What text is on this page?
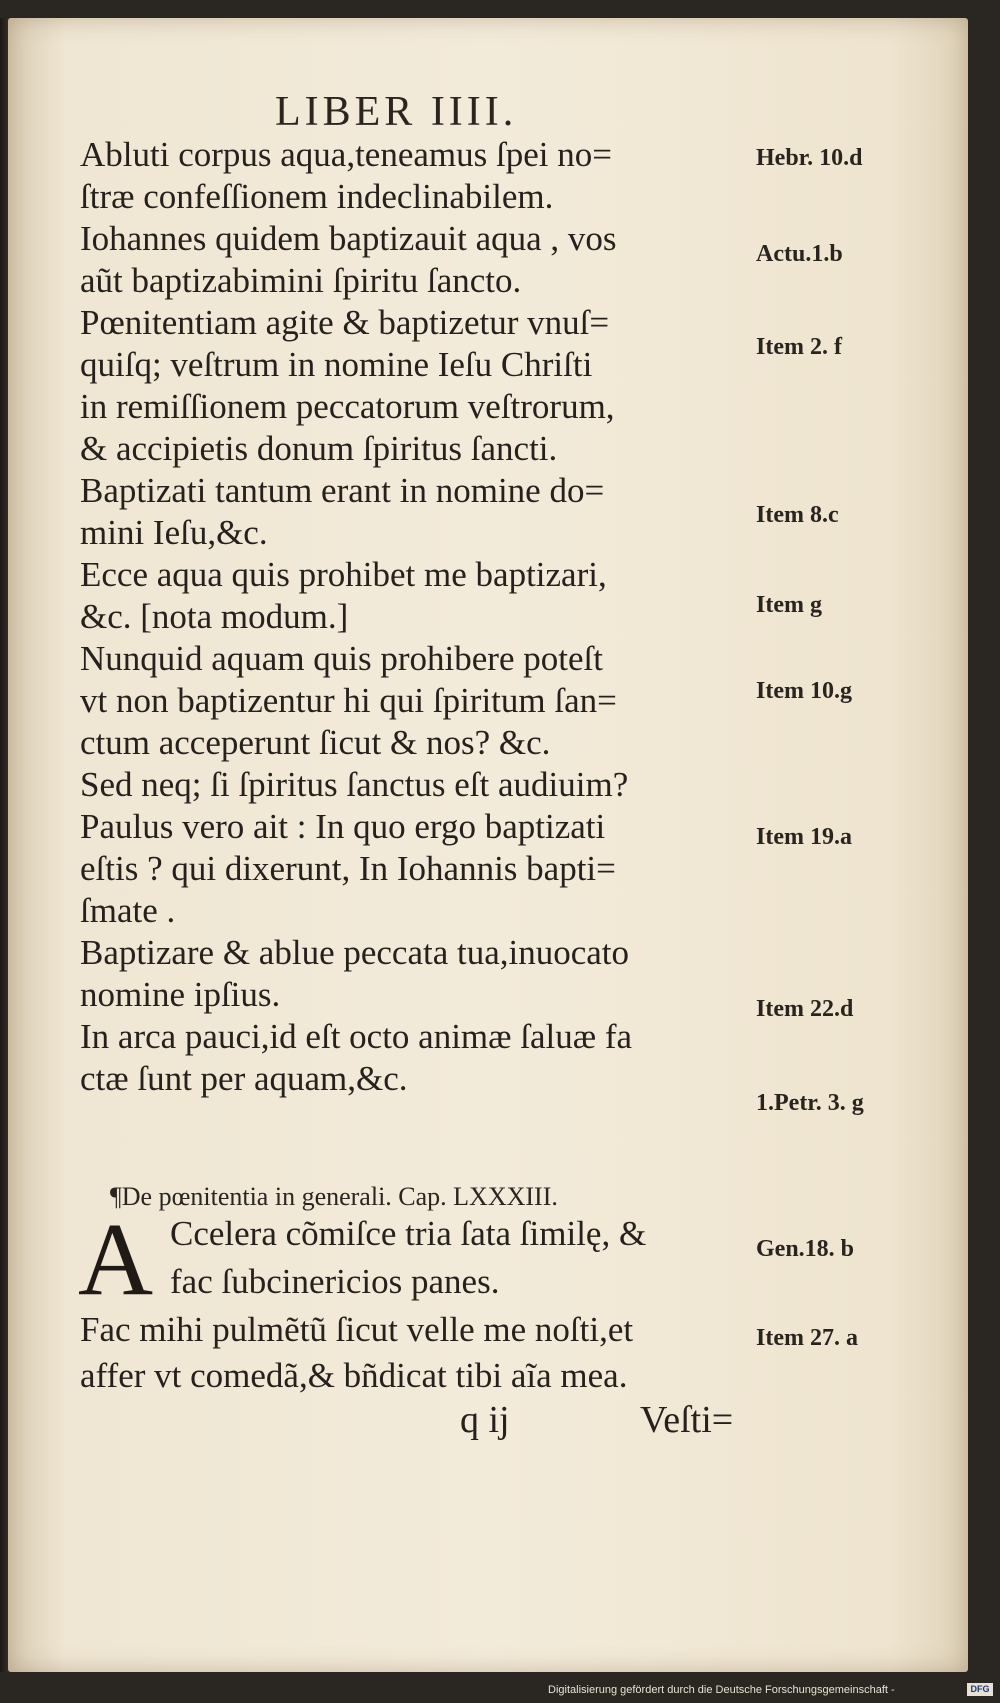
LIBER IIII.
Abluti corpus aqua,teneamus ſpei no=
ſtræ confeſſionem indeclinabilem.
Iohannes quidem baptizauit aqua , vos
aũt baptizabimini ſpiritu ſancto.
Pœnitentiam agite & baptizetur vnuſ=
quiſq; veſtrum in nomine Ieſu Chriſti
in remiſſionem peccatorum veſtrorum,
& accipietis donum ſpiritus ſancti.
Baptizati tantum erant in nomine do=
mini Ieſu,&c.
Ecce aqua quis prohibet me baptizari,
&c. [nota modum.]
Nunquid aquam quis prohibere poteſt
vt non baptizentur hi qui ſpiritum ſan=
ctum acceperunt ſicut & nos? &c.
Sed neq; ſi ſpiritus ſanctus eſt audiuim?
Paulus vero ait : In quo ergo baptizati
eſtis ? qui dixerunt, In Iohannis bapti=
ſmate .
Baptizare & ablue peccata tua,inuocato
nomine ipſius.
In arca pauci,id eſt octo animæ ſaluæ fa
ctæ ſunt per aquam,&c.
Hebr. 10.d
Actu.1.b
Item 2. f
Item 8.c
Item g
Item 10.g
Item 19.a
Item 22.d
1.Petr. 3. g
Gen.18. b
Item 27. a
¶De pœnitentia in generali. Cap. LXXXIII.
A Ccelera cõmiſce tria ſata ſimilę, &
fac ſubcinericios panes.
Fac mihi pulmẽtũ ſicut velle me noſti,et
affer vt comedã,& bñdicat tibi aĩa mea.
q ij	Veſti=
Digitalisierung gefördert durch die Deutsche Forschungsgemeinschaft -	DFG
